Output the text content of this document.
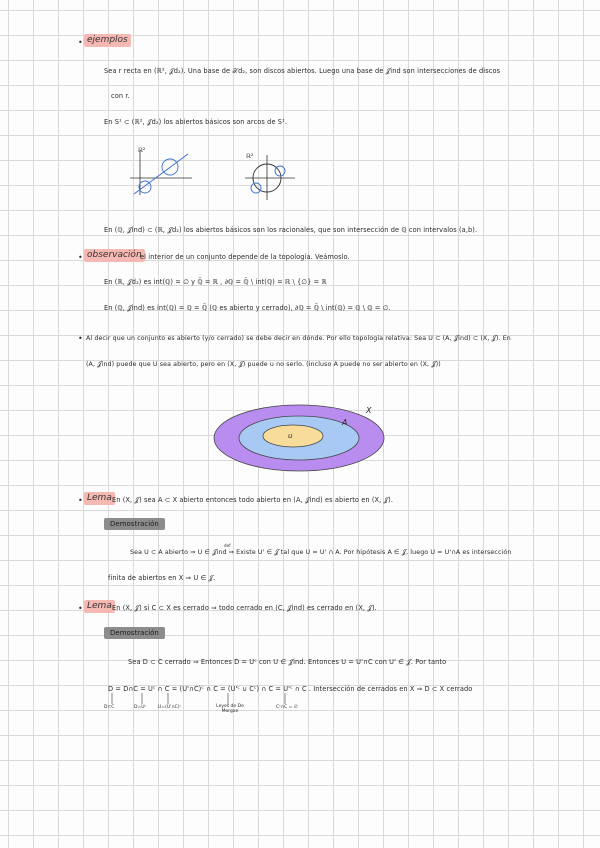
• ejemplos
Sea r recta en (ℝ², 𝒥d₂). Una base de 𝒳d₂, son discos abiertos. Luego una base de 𝒥ind son intersecciones de discos
con r.
En S¹ ⊂ (ℝ², 𝒥d₂) los abiertos básicos son arcos de S¹.
ℝ²
ℝ²
En (ℚ, 𝒥ind) ⊂ (ℝ, 𝒥d₂) los abiertos básicos son los racionales, que son intersección de ℚ con intervalos (a,b).
• observación
el interior de un conjunto depende de la topología. Veámoslo.
En (ℝ, 𝒥d₂) es int(ℚ) = ∅ y ℚ̄ = ℝ , ∂ℚ = ℚ̄ \ int(ℚ) = ℝ \ {∅} = ℝ
En (ℚ, 𝒥ind) es int(ℚ) = ℚ = ℚ̄ (ℚ es abierto y cerrado), ∂ℚ = ℚ̄ \ int(ℚ) = ℚ \ ℚ = ∅.
• Al decir que un conjunto es abierto (y/o cerrado) se debe decir en dónde. Por ello topología relativa: Sea U ⊂ (A, 𝒥ind) ⊂ (X, 𝒥). En
(A, 𝒥ind) puede que U sea abierto, pero en (X, 𝒥) puede u no serlo. (incluso A puede no ser abierto en (X, 𝒥))
X
A
u
• Lema En (X, 𝒥) sea A ⊂ X abierto entonces todo abierto en (A, 𝒥ind) es abierto en (X, 𝒥).
Demostración
def
Sea U ⊂ A abierto ⇒ U ∈ 𝒥ind ⇒ Existe U' ∈ 𝒥 tal que U = U' ∩ A. Por hipótesis A ∈ 𝒥, luego U = U'∩A es intersección
finita de abiertos en X ⇒ U ∈ 𝒥.
• Lema En (X, 𝒥) si C ⊂ X es cerrado ⇒ todo cerrado en (C, 𝒥ind) es cerrado en (X, 𝒥).
Demostración
Sea D ⊂ C cerrado ⇒ Entonces D = Uᶜ con U ∈ 𝒥ind. Entonces U = U'∩C con U' ∈ 𝒥. Por tanto
D = D∩C = Uᶜ ∩ C = (U'∩C)ᶜ ∩ C = (U'ᶜ ∪ Cᶜ) ∩ C = U'ᶜ ∩ C . Intersección de cerrados en X ⇒ D ⊂ X cerrado
D⊂C	D=Uᶜ	U=(U'∩C)ᶜ	Leyes de De Morgan
Cᶜ∩C = ∅
